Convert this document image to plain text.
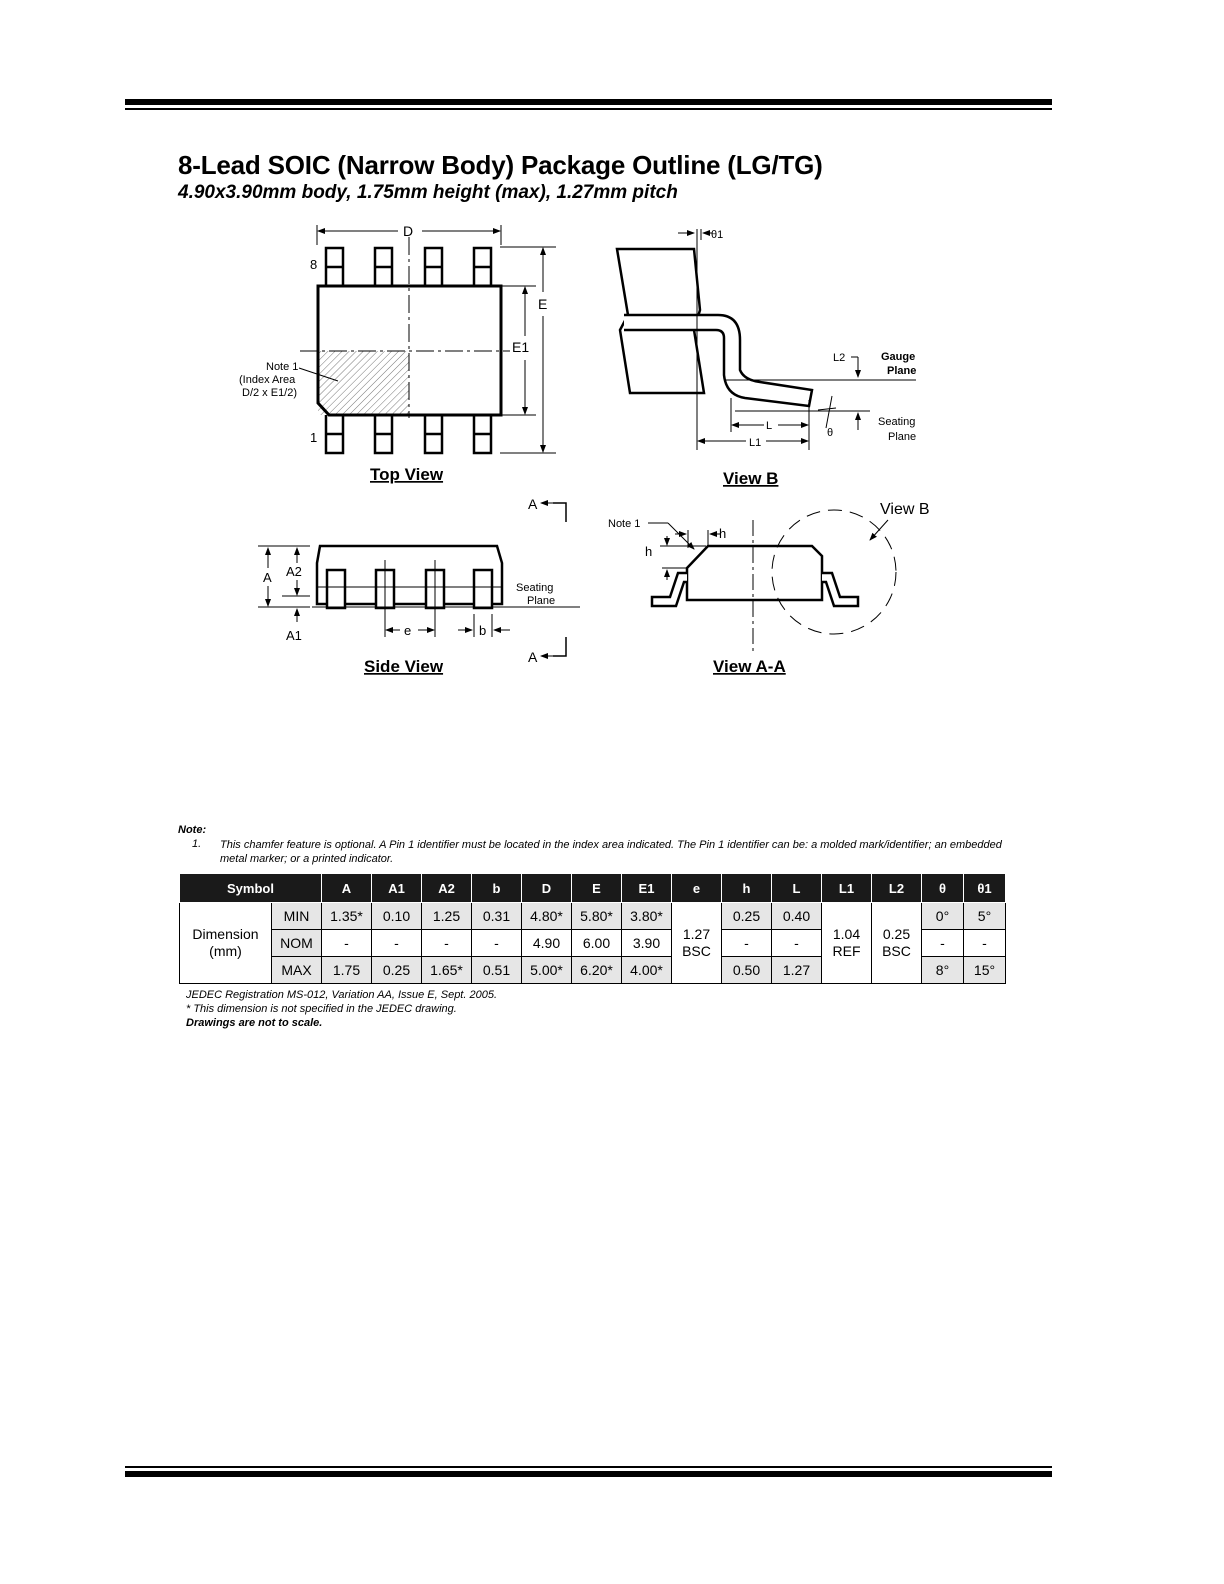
8-Lead SOIC (Narrow Body) Package Outline (LG/TG)
4.90x3.90mm body, 1.75mm height (max), 1.27mm pitch
D
E
E1
8
1
Note 1
(Index Area
D/2 x E1/2)
Top View
θ1
L2	Gauge
Plane
Seating
Plane
L
L1
θ
View B
A A2
A1	e	b
Seating
Plane
A
A
Side View
View B
Note 1
h
h
View A-A
Note:
1.	This chamfer feature is optional. A Pin 1 identifier must be located in the index area indicated. The Pin 1 identifier can be: a molded mark/identifier; an embedded metal marker; or a printed indicator.
Symbol		A	A1	A2	b	D	E	E1	e	h	L	L1	L2	θ	θ1
Dimension (mm)	MIN	1.35*	0.10	1.25	0.31	4.80*	5.80*	3.80*	1.27 BSC	0.25	0.40	1.04 REF	0.25 BSC	0°	5°
	NOM	-	-	-	-	4.90	6.00	3.90		-	-			-	-
	MAX	1.75	0.25	1.65*	0.51	5.00*	6.20*	4.00*		0.50	1.27			8°	15°
JEDEC Registration MS-012, Variation AA, Issue E, Sept. 2005.
* This dimension is not specified in the JEDEC drawing.
Drawings are not to scale.
